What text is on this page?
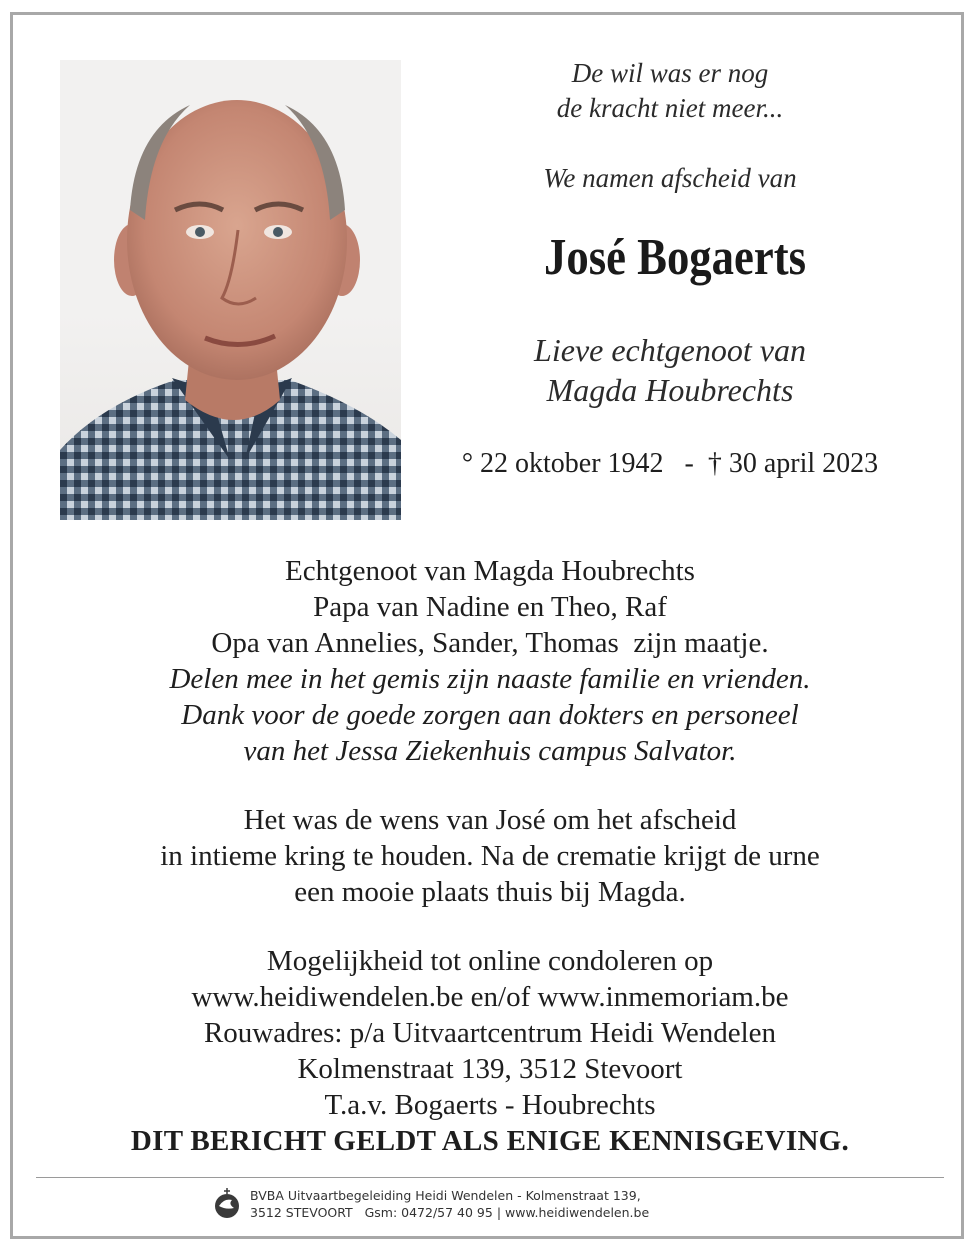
De wil was er nog
de kracht niet meer...
We namen afscheid van
José Bogaerts
Lieve echtgenoot van
Magda Houbrechts
° 22 oktober 1942   -  † 30 april 2023
Echtgenoot van Magda Houbrechts
Papa van Nadine en Theo, Raf
Opa van Annelies, Sander, Thomas  zijn maatje.
Delen mee in het gemis zijn naaste familie en vrienden.
Dank voor de goede zorgen aan dokters en personeel
van het Jessa Ziekenhuis campus Salvator.
Het was de wens van José om het afscheid
in intieme kring te houden. Na de crematie krijgt de urne
een mooie plaats thuis bij Magda.
Mogelijkheid tot online condoleren op
www.heidiwendelen.be en/of www.inmemoriam.be
Rouwadres: p/a Uitvaartcentrum Heidi Wendelen
Kolmenstraat 139, 3512 Stevoort
T.a.v. Bogaerts - Houbrechts
DIT BERICHT GELDT ALS ENIGE KENNISGEVING.
BVBA Uitvaartbegeleiding Heidi Wendelen - Kolmenstraat 139,
3512 STEVOORT   Gsm: 0472/57 40 95 | www.heidiwendelen.be
